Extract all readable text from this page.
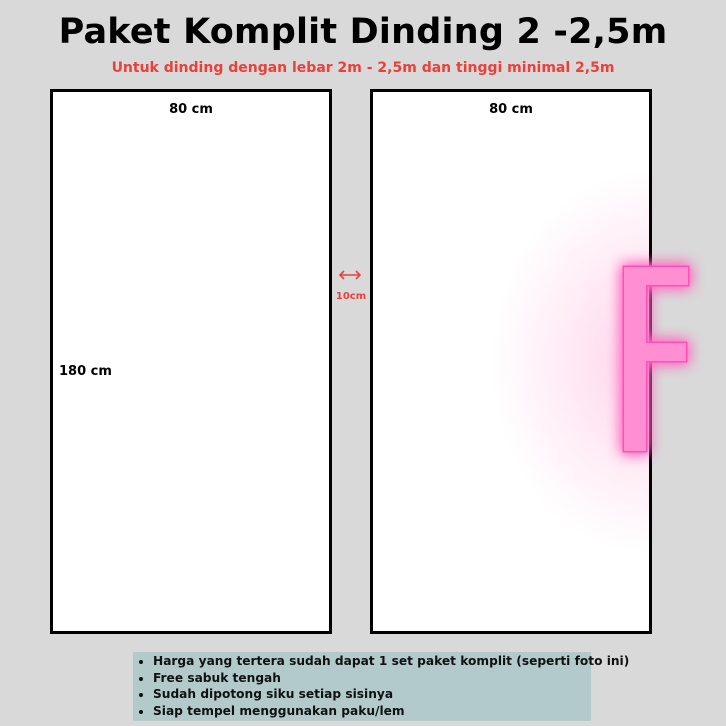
Paket Komplit Dinding 2 -2,5m
Untuk dinding dengan lebar 2m - 2,5m dan tinggi minimal 2,5m
80 cm
180 cm
10cm
80 cm
• Harga yang tertera sudah dapat 1 set paket komplit (seperti foto ini)
• Free sabuk tengah
• Sudah dipotong siku setiap sisinya
• Siap tempel menggunakan paku/lem
